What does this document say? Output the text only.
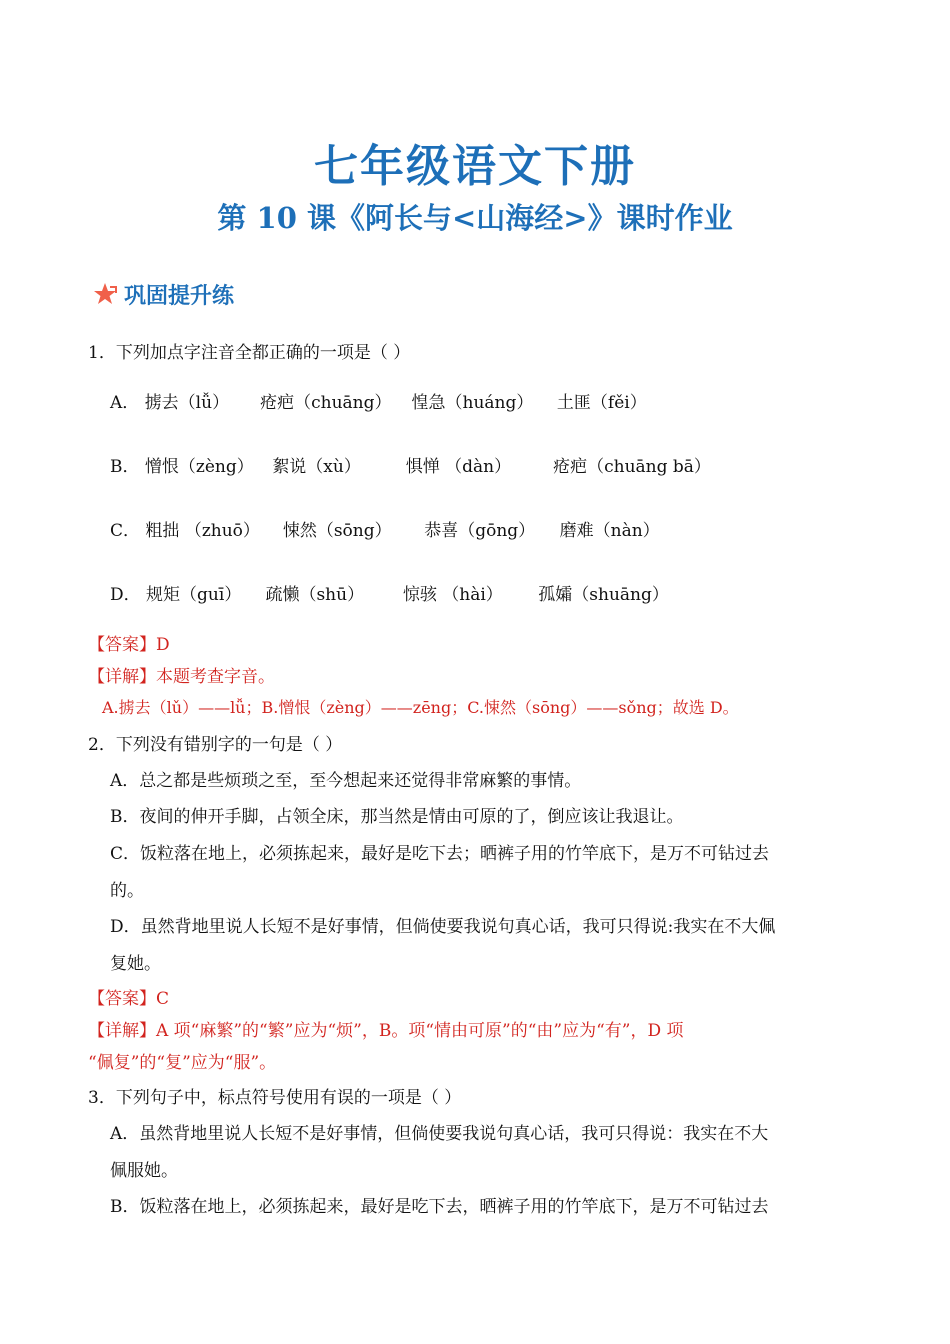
七年级语文下册
第 10 课《阿长与<山海经>》课时作业
巩固提升练
1．下列加点字注音全都正确的一项是（ ）
A． 掳去（lǚ） 疮疤（chuāng） 惶急（huáng） 土匪（fěi）
B． 憎恨（zèng） 絮说（xù）	惧惮 （dàn） 疮疤（chuāng bā）
C． 粗拙 （zhuō） 悚然（sōng） 恭喜（gōng） 磨难（nàn）
D． 规矩（guī） 疏懒（shū） 惊骇 （hài） 孤孀（shuāng）
【答案】D
【详解】本题考查字音。
A.掳去（lǔ）——lǚ；B.憎恨（zèng）——zēng；C.悚然（sōng）——sǒng；故选 D。
2．下列没有错别字的一句是（ ）
A．总之都是些烦琐之至，至今想起来还觉得非常麻繁的事情。
B．夜间的伸开手脚，占领全床，那当然是情由可原的了，倒应该让我退让。
C．饭粒落在地上，必须拣起来，最好是吃下去；晒裤子用的竹竿底下，是万不可钻过去
的。
D．虽然背地里说人长短不是好事情，但倘使要我说句真心话，我可只得说:我实在不大佩
复她。
【答案】C
【详解】A 项“麻繁”的“繁”应为“烦”，B。项“情由可原”的“由”应为“有”，D 项
“佩复”的“复”应为“服”。
3．下列句子中，标点符号使用有误的一项是（ ）
A．虽然背地里说人长短不是好事情，但倘使要我说句真心话，我可只得说：我实在不大
佩服她。
B．饭粒落在地上，必须拣起来，最好是吃下去，晒裤子用的竹竿底下，是万不可钻过去
